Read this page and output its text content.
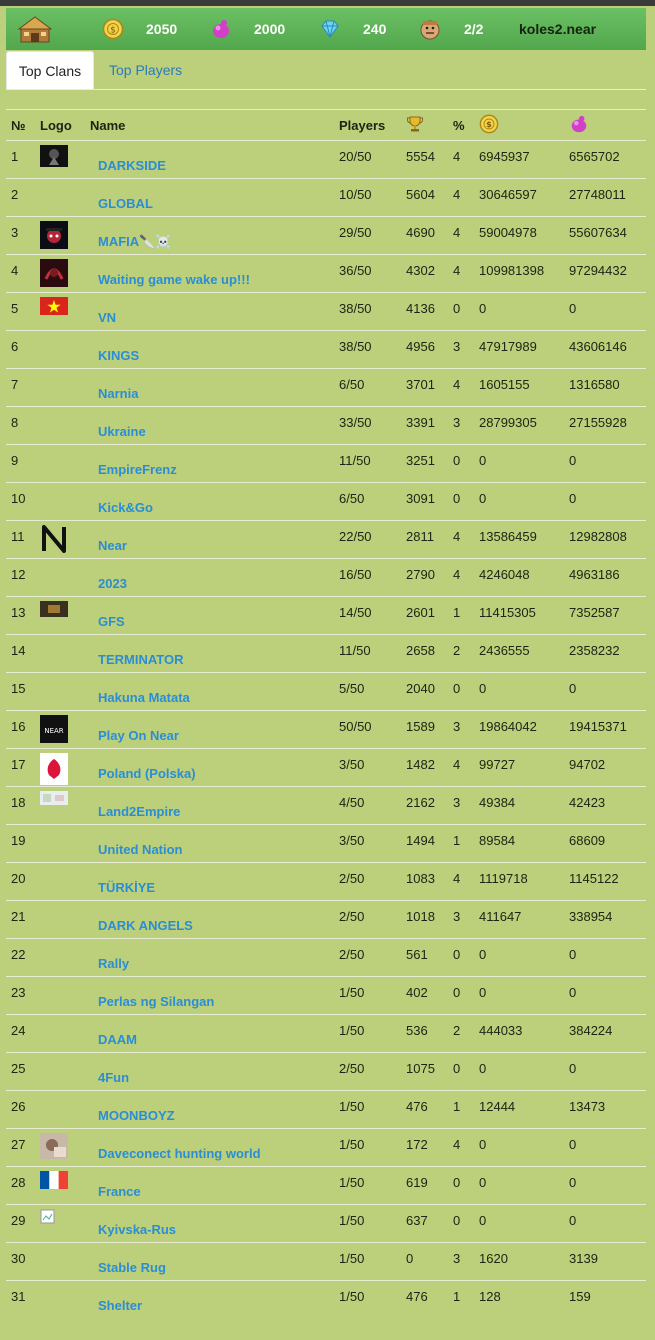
$ 2050	2000	240	2/2	koles2.near
Top Clans	Top Players
№	Logo	Name	Players		%	$

1		DARKSIDE	20/50	5554	4	6945937	6565702

2		GLOBAL	10/50	5604	4	30646597	27748011

3		MAFIA🔪☠️	29/50	4690	4	59004978	55607634

4		Waiting game wake up!!!	36/50	4302	4	109981398	97294432

5		VN	38/50	4136	0	0	0

6		KINGS	38/50	4956	3	47917989	43606146

7		Narnia	6/50	3701	4	1605155	1316580

8		Ukraine	33/50	3391	3	28799305	27155928

9		EmpireFrenz	11/50	3251	0	0	0

10		Kick&Go	6/50	3091	0	0	0

11		Near	22/50	2811	4	13586459	12982808

12		2023	16/50	2790	4	4246048	4963186

13		GFS	14/50	2601	1	11415305	7352587

14		TERMINATOR	11/50	2658	2	2436555	2358232

15		Hakuna Matata	5/50	2040	0	0	0

16	NEAR	Play On Near	50/50	1589	3	19864042	19415371

17		Poland (Polska)	3/50	1482	4	99727	94702

18		Land2Empire	4/50	2162	3	49384	42423

19		United Nation	3/50	1494	1	89584	68609

20		TÜRKİYE	2/50	1083	4	1119718	1145122

21		DARK ANGELS	2/50	1018	3	411647	338954

22		Rally	2/50	561	0	0	0

23		Perlas ng Silangan	1/50	402	0	0	0

24		DAAM	1/50	536	2	444033	384224

25		4Fun	2/50	1075	0	0	0

26		MOONBOYZ	1/50	476	1	12444	13473

27		Daveconect hunting world	1/50	172	4	0	0

28		France	1/50	619	0	0	0

29		Kyivska-Rus	1/50	637	0	0	0

30		Stable Rug	1/50	0	3	1620	3139

31		Shelter	1/50	476	1	128	159
